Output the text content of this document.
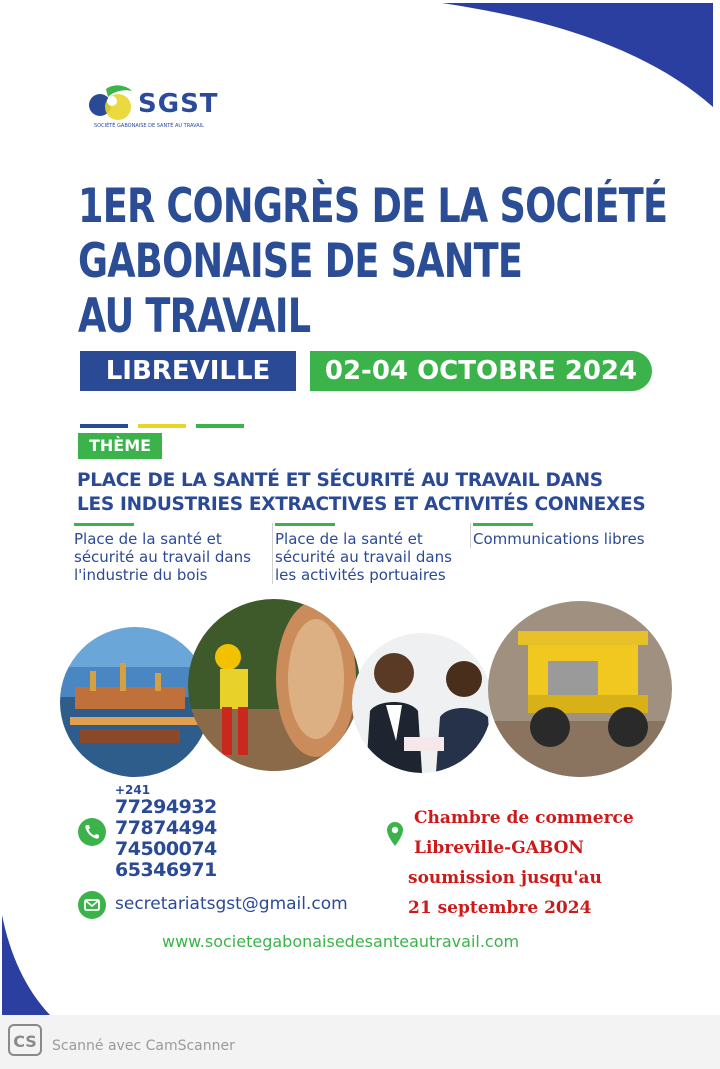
SGST
SOCIÉTÉ GABONAISE DE SANTÉ AU TRAVAIL
1ER CONGRÈS DE LA SOCIÉTÉ
GABONAISE DE SANTE
AU TRAVAIL
LIBREVILLE	02-04 OCTOBRE 2024
THÈME
PLACE DE LA SANTÉ ET SÉCURITÉ AU TRAVAIL DANS
LES INDUSTRIES EXTRACTIVES ET ACTIVITÉS CONNEXES
Place de la santé et
sécurité au travail dans
l'industrie du bois
Place de la santé et
sécurité au travail dans
les activités portuaires
Communications libres
+241
77294932
77874494
74500074
65346971
secretariatsgst@gmail.com
Chambre de commerce
Libreville-GABON
soumission jusqu'au
21 septembre 2024
www.societegabonaisedesanteautravail.com
CS	Scanné avec CamScanner
